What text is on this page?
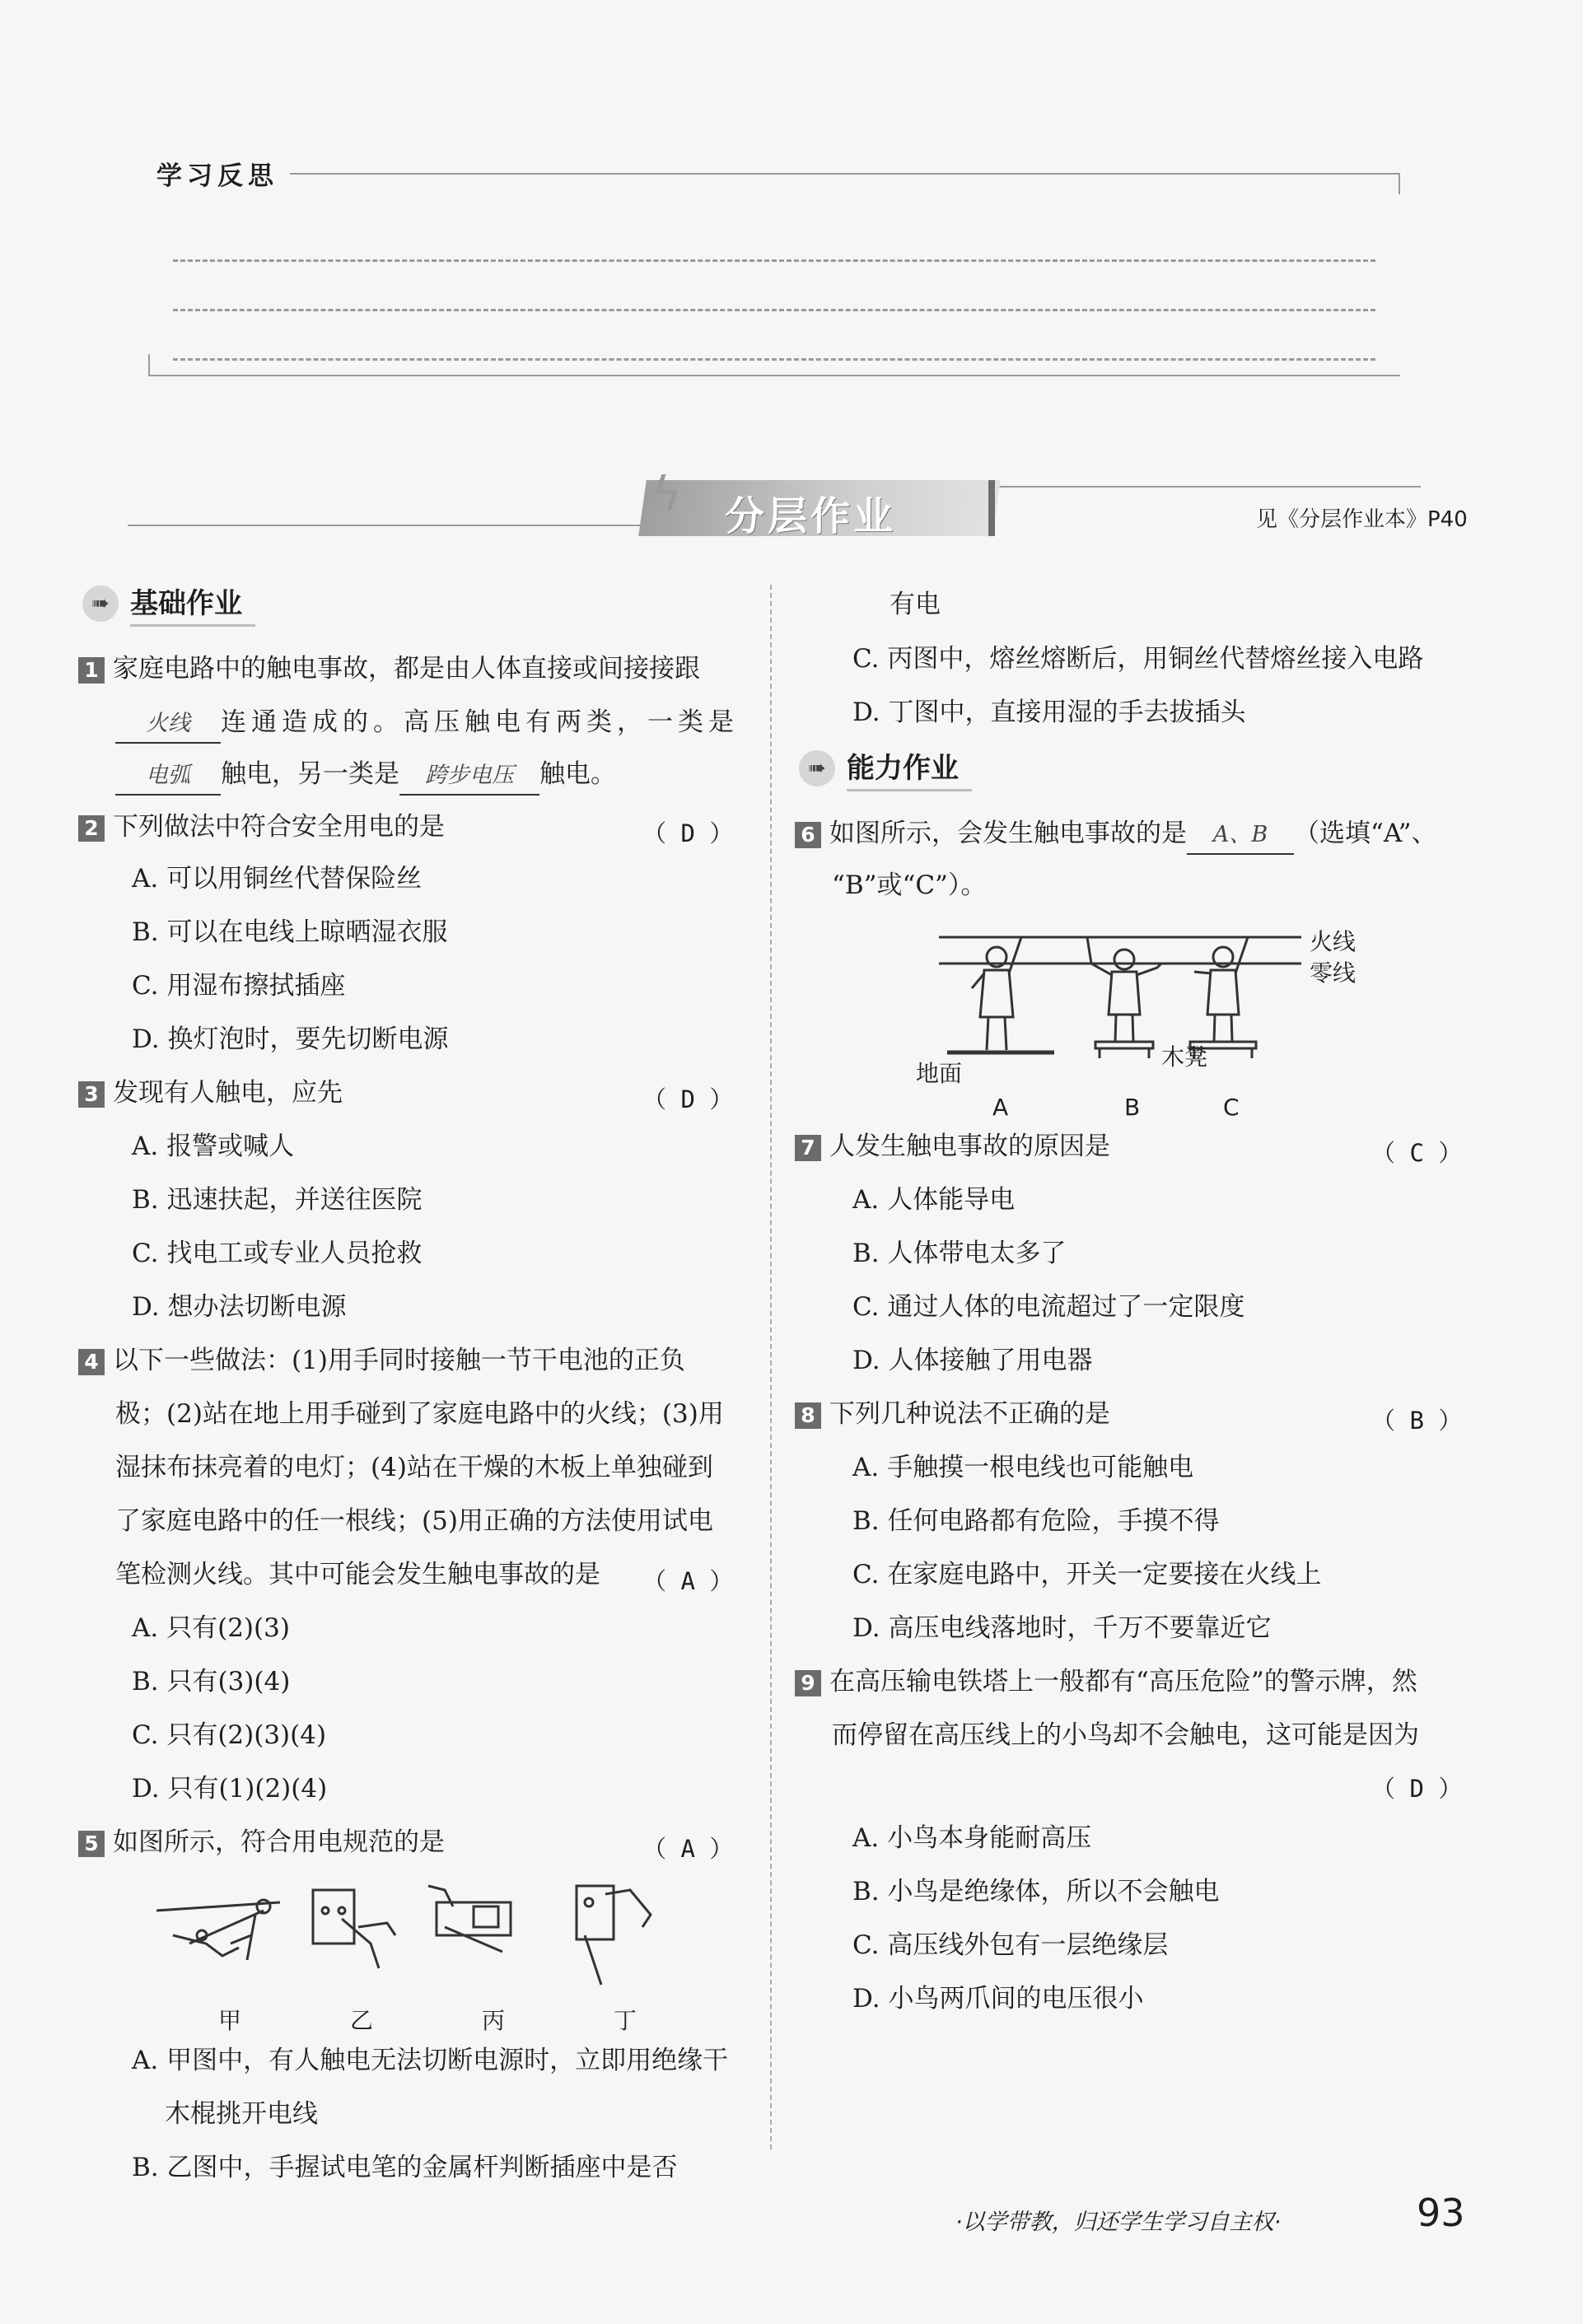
学习反思
ϟ 分层作业	见《分层作业本》P40
➠ 基础作业
1 家庭电路中的触电事故，都是由人体直接或间接接跟
火线 连通造成的。高压触电有两类，一类是
电弧 触电，另一类是 跨步电压 触电。
2 下列做法中符合安全用电的是	（ D ）
A. 可以用铜丝代替保险丝
B. 可以在电线上晾晒湿衣服
C. 用湿布擦拭插座
D. 换灯泡时，要先切断电源
3 发现有人触电，应先	（ D ）
A. 报警或喊人
B. 迅速扶起，并送往医院
C. 找电工或专业人员抢救
D. 想办法切断电源
4 以下一些做法：(1)用手同时接触一节干电池的正负
极；(2)站在地上用手碰到了家庭电路中的火线；(3)用
湿抹布抹亮着的电灯；(4)站在干燥的木板上单独碰到
了家庭电路中的任一根线；(5)用正确的方法使用试电
笔检测火线。其中可能会发生触电事故的是 （ A ）
A. 只有(2)(3)
B. 只有(3)(4)
C. 只有(2)(3)(4)
D. 只有(1)(2)(4)
5 如图所示，符合用电规范的是	（ A ）
甲	乙	丙	丁
A. 甲图中，有人触电无法切断电源时，立即用绝缘干
木棍挑开电线
B. 乙图中，手握试电笔的金属杆判断插座中是否
有电
C. 丙图中，熔丝熔断后，用铜丝代替熔丝接入电路
D. 丁图中，直接用湿的手去拔插头
➠ 能力作业
6 如图所示，会发生触电事故的是 A、B （选填“A”、
“B”或“C”）。
火线
零线
地面
木凳
A	B	C
7 人发生触电事故的原因是	（ C ）
A. 人体能导电
B. 人体带电太多了
C. 通过人体的电流超过了一定限度
D. 人体接触了用电器
8 下列几种说法不正确的是	（ B ）
A. 手触摸一根电线也可能触电
B. 任何电路都有危险，手摸不得
C. 在家庭电路中，开关一定要接在火线上
D. 高压电线落地时，千万不要靠近它
9 在高压输电铁塔上一般都有“高压危险”的警示牌，然
而停留在高压线上的小鸟却不会触电，这可能是因为
（ D ）
A. 小鸟本身能耐高压
B. 小鸟是绝缘体，所以不会触电
C. 高压线外包有一层绝缘层
D. 小鸟两爪间的电压很小
·以学带教，归还学生学习自主权·	93
